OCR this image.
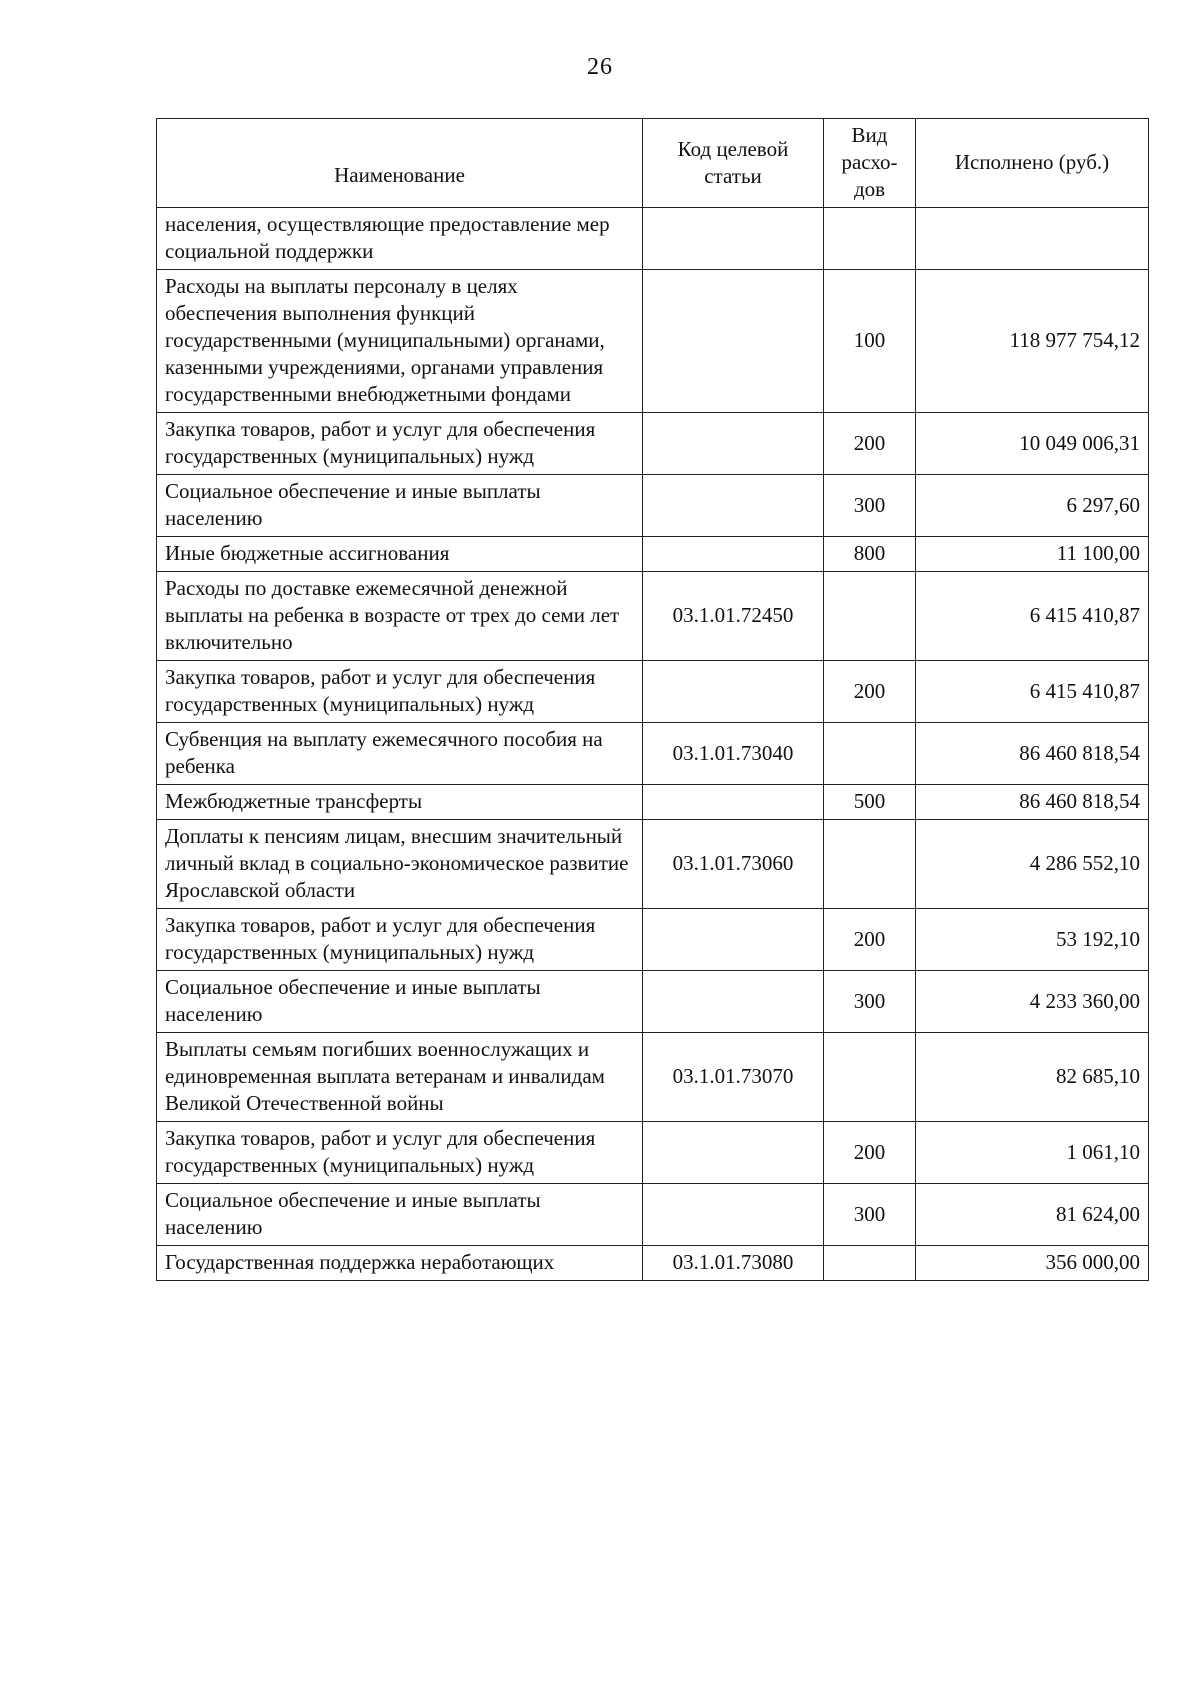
26
Наименование	Код целевой статьи	Вид расхо-дов	Исполнено (руб.)
населения, осуществляющие предоставление мер социальной поддержки			
Расходы на выплаты персоналу в целях обеспечения выполнения функций государственными (муниципальными) органами, казенными учреждениями, органами управления государственными внебюджетными фондами		100	118 977 754,12
Закупка товаров, работ и услуг для обеспечения государственных (муниципальных) нужд		200	10 049 006,31
Социальное обеспечение и иные выплаты населению		300	6 297,60
Иные бюджетные ассигнования		800	11 100,00
Расходы по доставке ежемесячной денежной выплаты на ребенка в возрасте от трех до семи лет включительно	03.1.01.72450		6 415 410,87
Закупка товаров, работ и услуг для обеспечения государственных (муниципальных) нужд		200	6 415 410,87
Субвенция на выплату ежемесячного пособия на ребенка	03.1.01.73040		86 460 818,54
Межбюджетные трансферты		500	86 460 818,54
Доплаты к пенсиям лицам, внесшим значительный личный вклад в социально-экономическое развитие Ярославской области	03.1.01.73060		4 286 552,10
Закупка товаров, работ и услуг для обеспечения государственных (муниципальных) нужд		200	53 192,10
Социальное обеспечение и иные выплаты населению		300	4 233 360,00
Выплаты семьям погибших военнослужащих и единовременная выплата ветеранам и инвалидам Великой Отечественной войны	03.1.01.73070		82 685,10
Закупка товаров, работ и услуг для обеспечения государственных (муниципальных) нужд		200	1 061,10
Социальное обеспечение и иные выплаты населению		300	81 624,00
Государственная поддержка неработающих	03.1.01.73080		356 000,00
